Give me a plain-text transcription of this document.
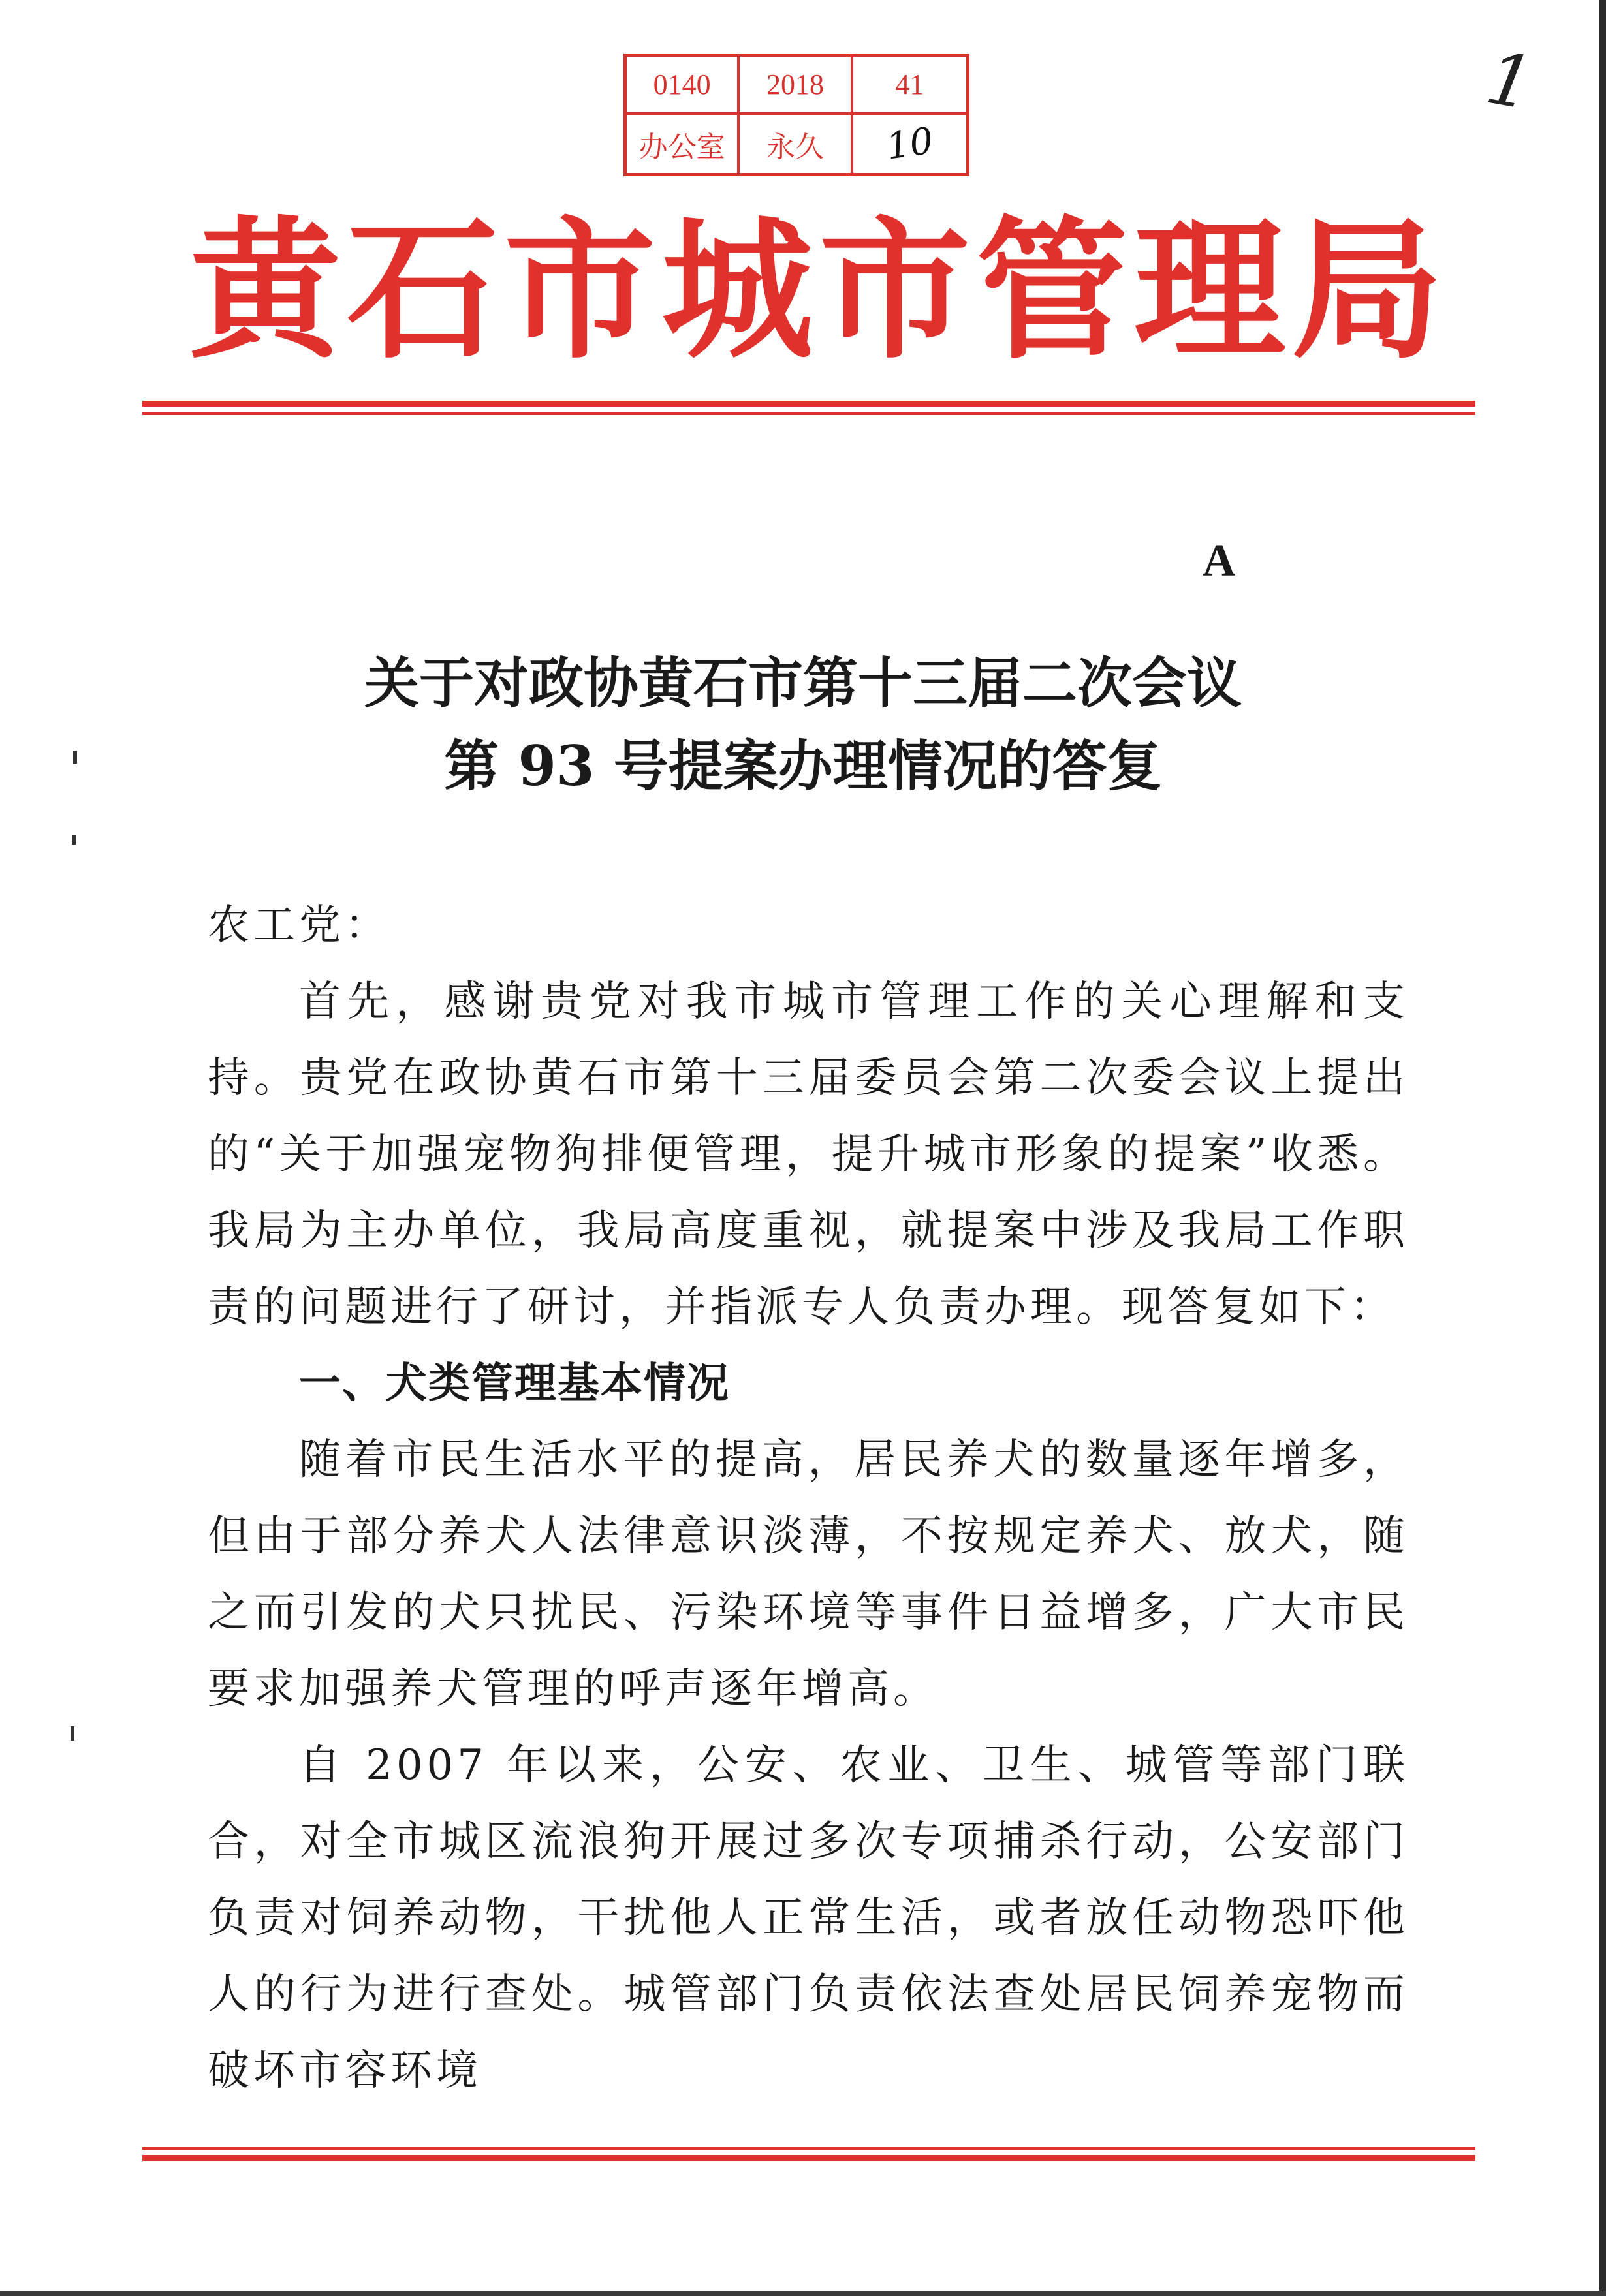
0140	2018	41
办公室	永久	10
1
黄 石 市 城 市 管 理 局
A
关于对政协黄石市第十三届二次会议
第 93 号提案办理情况的答复

农工党：

首先，感谢贵党对我市城市管理工作的关心理解和支持。贵党在政协黄石市第十三届委员会第二次委会议上提出的“关于加强宠物狗排便管理，提升城市形象的提案”收悉。我局为主办单位，我局高度重视，就提案中涉及我局工作职责的问题进行了研讨，并指派专人负责办理。现答复如下：

一、犬类管理基本情况

随着市民生活水平的提高，居民养犬的数量逐年增多，但由于部分养犬人法律意识淡薄，不按规定养犬、放犬，随之而引发的犬只扰民、污染环境等事件日益增多，广大市民要求加强养犬管理的呼声逐年增高。

自 2007 年以来，公安、农业、卫生、城管等部门联合，对全市城区流浪狗开展过多次专项捕杀行动，公安部门负责对饲养动物，干扰他人正常生活，或者放任动物恐吓他人的行为进行查处。城管部门负责依法查处居民饲养宠物而破坏市容环境
